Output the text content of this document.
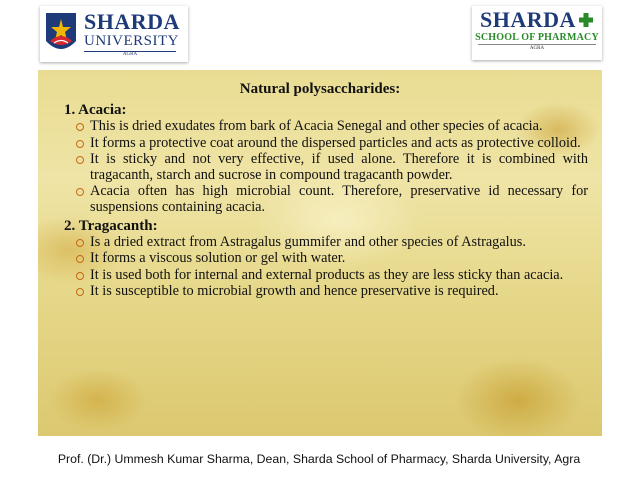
SHARDA
UNIVERSITY
AGRA
SHARDA
SCHOOL OF PHARMACY
AGRA
Natural polysaccharides:
1. Acacia:
This is dried exudates from bark of Acacia Senegal and other species of acacia.
It forms a protective coat around the dispersed particles and acts as protective colloid.
It is sticky and not very effective, if used alone. Therefore it is combined with tragacanth, starch and sucrose in compound tragacanth powder.
Acacia often has high microbial count. Therefore, preservative id necessary for suspensions containing acacia.
2. Tragacanth:
Is a dried extract from Astragalus gummifer and other species of Astragalus.
It forms a viscous solution or gel with water.
It is used both for internal and external products as they are less sticky than acacia.
It is susceptible to microbial growth and hence preservative is required.
Prof. (Dr.) Ummesh Kumar Sharma, Dean, Sharda School of Pharmacy, Sharda University, Agra
